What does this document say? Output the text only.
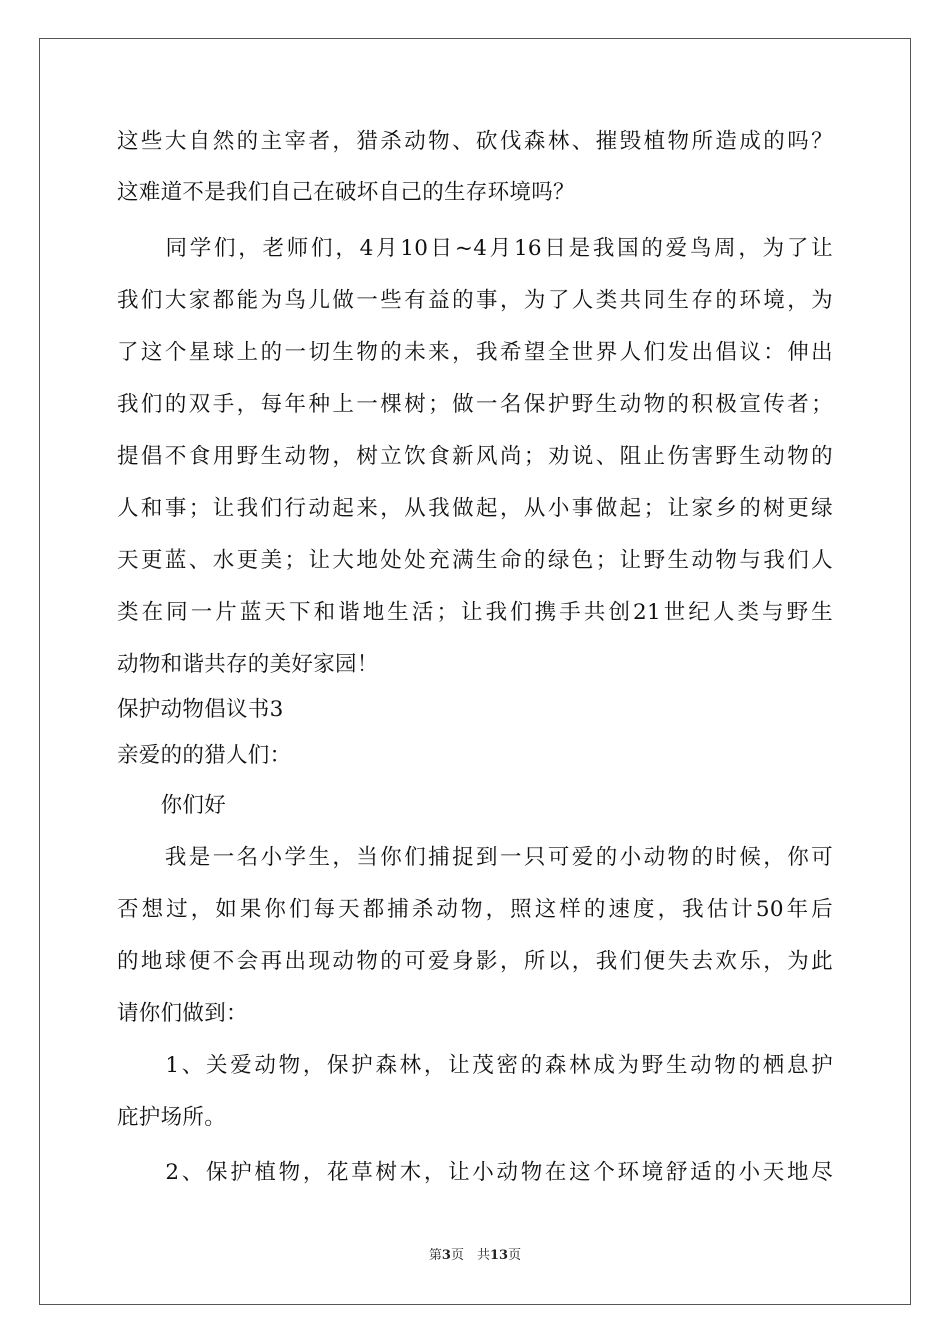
这些大自然的主宰者，猎杀动物、砍伐森林、摧毁植物所造成的吗？
这难道不是我们自己在破坏自己的生存环境吗？
　　同学们，老师们，4月10日~4月16日是我国的爱鸟周，为了让
我们大家都能为鸟儿做一些有益的事，为了人类共同生存的环境，为
了这个星球上的一切生物的未来，我希望全世界人们发出倡议：伸出
我们的双手，每年种上一棵树；做一名保护野生动物的积极宣传者；
提倡不食用野生动物，树立饮食新风尚；劝说、阻止伤害野生动物的
人和事；让我们行动起来，从我做起，从小事做起；让家乡的树更绿
天更蓝、水更美；让大地处处充满生命的绿色；让野生动物与我们人
类在同一片蓝天下和谐地生活；让我们携手共创21世纪人类与野生
动物和谐共存的美好家园！
保护动物倡议书3
亲爱的的猎人们：
　　你们好
　　我是一名小学生，当你们捕捉到一只可爱的小动物的时候，你可
否想过，如果你们每天都捕杀动物，照这样的速度，我估计50年后
的地球便不会再出现动物的可爱身影，所以，我们便失去欢乐，为此
请你们做到：
　　1、关爱动物，保护森林，让茂密的森林成为野生动物的栖息护
庇护场所。
　　2、保护植物，花草树木，让小动物在这个环境舒适的小天地尽
第3页　共13页
